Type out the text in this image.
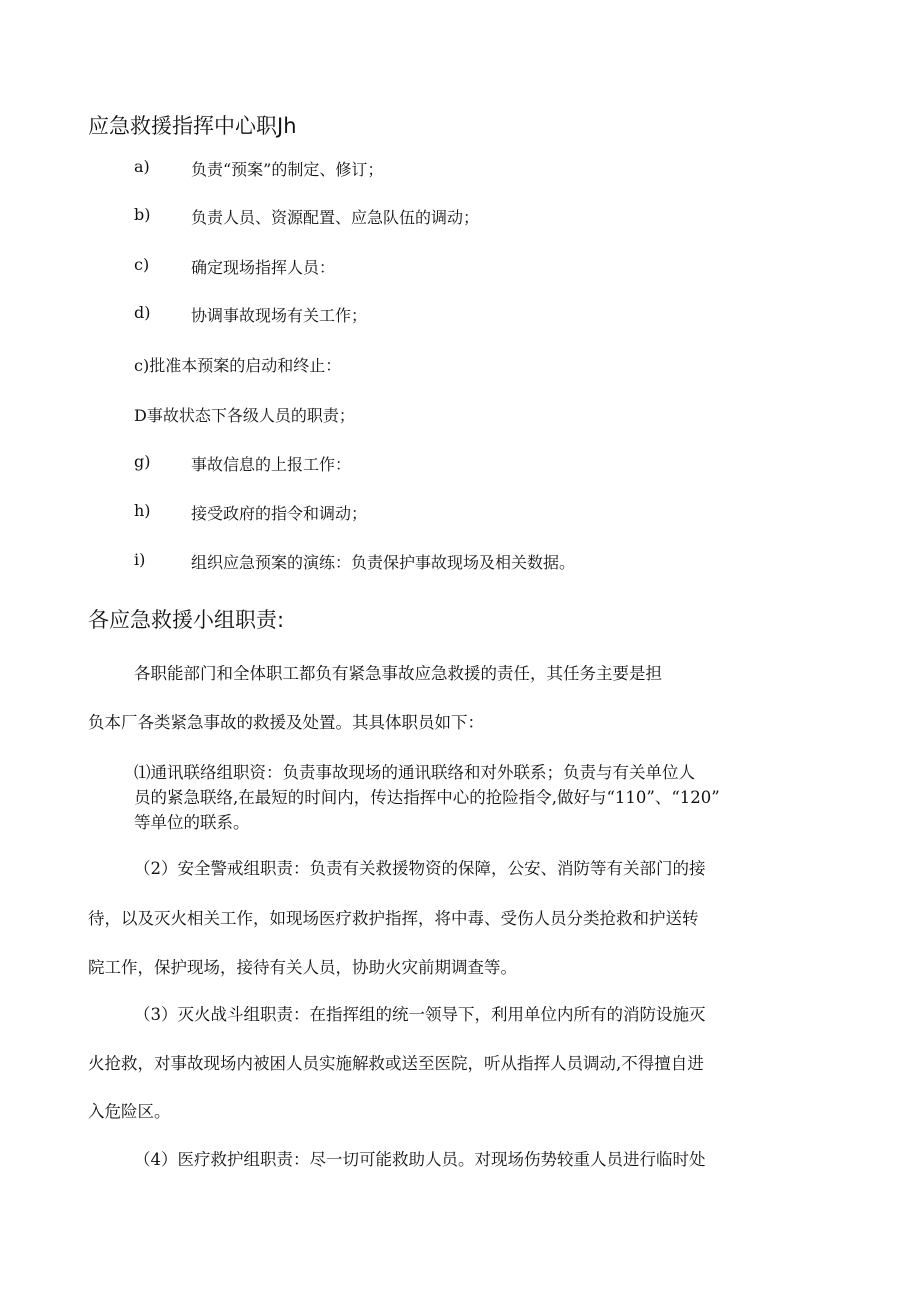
应急救援指挥中心职Jh
a)	负责“预案”的制定、修订；
b)	负责人员、资源配置、应急队伍的调动；
c)	确定现场指挥人员：
d)	协调事故现场有关工作；
c)批准本预案的启动和终止：
D事故状态下各级人员的职责；
g)	事故信息的上报工作：
h)	接受政府的指令和调动；
i)	组织应急预案的演练：负责保护事故现场及相关数据。
各应急救援小组职责:
各职能部门和全体职工都负有紧急事故应急救援的责任，其任务主要是担
负本厂各类紧急事故的救援及处置。其具体职员如下：
⑴通讯联络组职资：负责事故现场的通讯联络和对外联系；负责与有关单位人
员的紧急联络,在最短的时间内，传达指挥中心的抢险指令,做好与“110”、“120”
等单位的联系。
（2）安全警戒组职责：负责有关救援物资的保障，公安、消防等有关部门的接
待，以及灭火相关工作，如现场医疗救护指挥，将中毒、受伤人员分类抢救和护送转
院工作，保护现场，接待有关人员，协助火灾前期调查等。
（3）灭火战斗组职责：在指挥组的统一领导下，利用单位内所有的消防设施灭
火抢救，对事故现场内被困人员实施解救或送至医院，听从指挥人员调动,不得擅自进
入危险区。
（4）医疗救护组职责：尽一切可能救助人员。对现场伤势较重人员进行临时处
